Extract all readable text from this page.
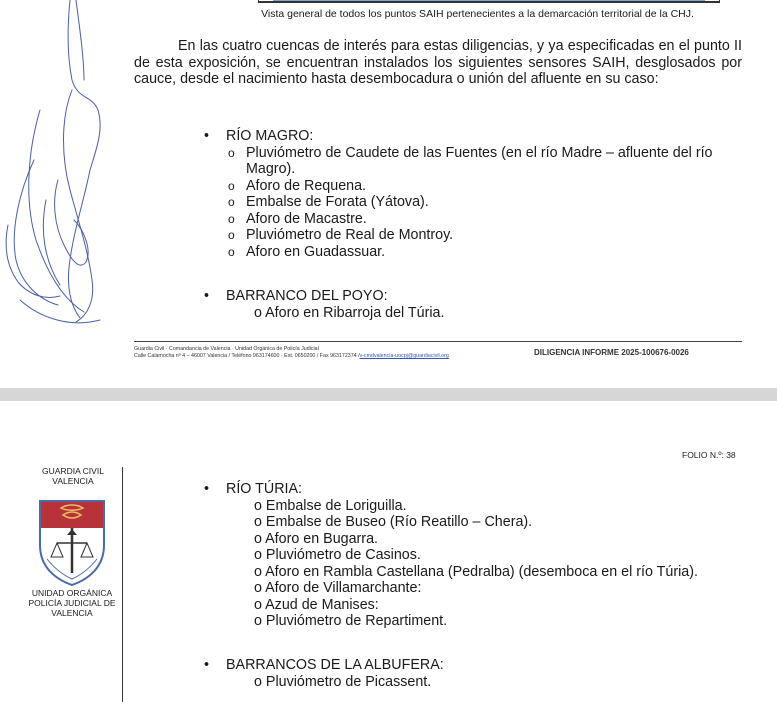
Vista general de todos los puntos SAIH pertenecientes a la demarcación territorial de la CHJ.

En las cuatro cuencas de interés para estas diligencias, y ya especificadas en el punto II de esta exposición, se encuentran instalados los siguientes sensores SAIH, desglosados por cauce, desde el nacimiento hasta desembocadura o unión del afluente en su caso:

• RÍO MAGRO:
o Pluviómetro de Caudete de las Fuentes (en el río Madre – afluente del río Magro).
o Aforo de Requena.
o Embalse de Forata (Yátova).
o Aforo de Macastre.
o Pluviómetro de Real de Montroy.
o Aforo en Guadassuar.
• BARRANCO DEL POYO:
o Aforo en Ribarroja del Túria.
Guardia Civil · Comandancia de Valencia · Unidad Orgánica de Policía Judicial
Calle Calamocha nº 4 – 46007 Valencia / Teléfono 963174600 · Ext. 0650200 / Fax 963172374 /v-cmdvalencia-uocpj@guardiacivil.org	DILIGENCIA INFORME 2025-100676-0026
FOLIO N.º: 38

GUARDIA CIVIL VALENCIA

UNIDAD ORGÁNICA POLICÍA JUDICIAL DE VALENCIA

• RÍO TÚRIA:
o Embalse de Loriguilla.
o Embalse de Buseo (Río Reatillo – Chera).
o Aforo en Bugarra.
o Pluviómetro de Casinos.
o Aforo en Rambla Castellana (Pedralba) (desemboca en el río Túria).
o Aforo de Villamarchante:
o Azud de Manises:
o Pluviómetro de Repartiment.
• BARRANCOS DE LA ALBUFERA:
o Pluviómetro de Picassent.
